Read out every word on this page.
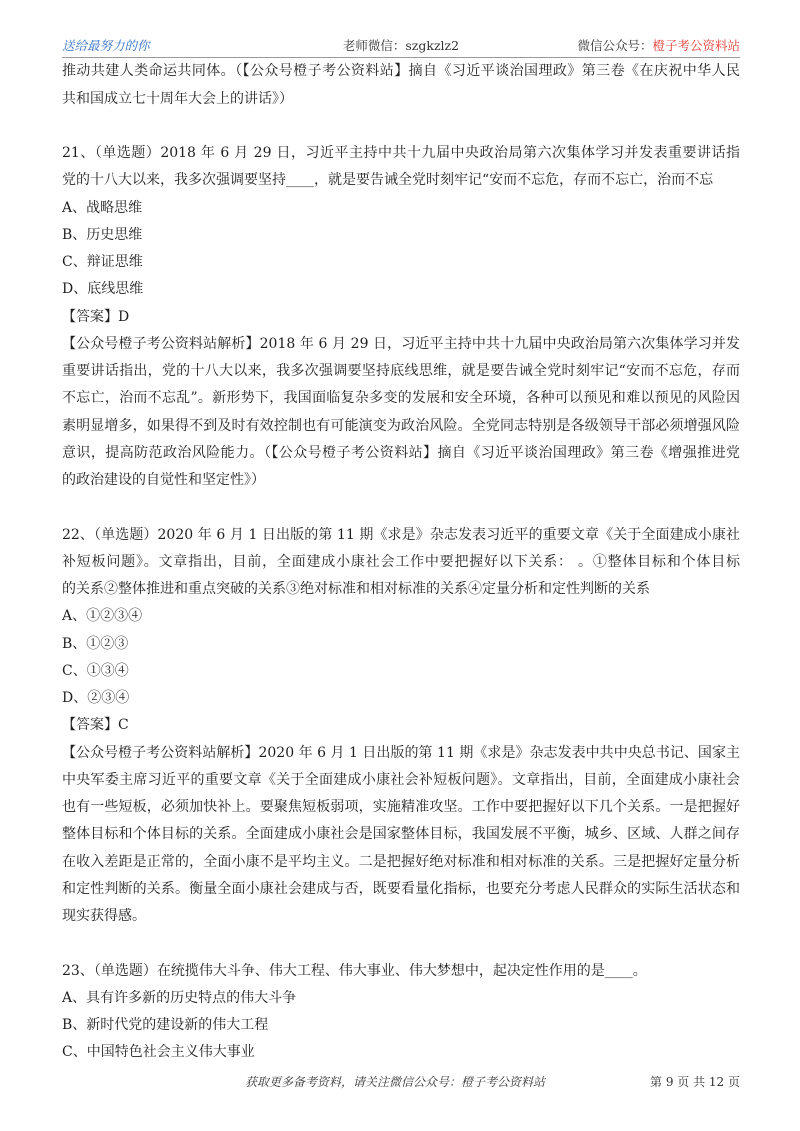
送给最努力的你	老师微信：szgkzlz2	微信公众号：橙子考公资料站
推动共建人类命运共同体。（【公众号橙子考公资料站】摘自《习近平谈治国理政》第三卷《在庆祝中华人民
共和国成立七十周年大会上的讲话》）
21、（单选题）2018 年 6 月 29 日，习近平主持中共十九届中央政治局第六次集体学习并发表重要讲话指
党的十八大以来，我多次强调要坚持____，就是要告诫全党时刻牢记“安而不忘危，存而不忘亡，治而不忘
A、战略思维
B、历史思维
C、辩证思维
D、底线思维
【答案】D
【公众号橙子考公资料站解析】2018 年 6 月 29 日，习近平主持中共十九届中央政治局第六次集体学习并发
重要讲话指出，党的十八大以来，我多次强调要坚持底线思维，就是要告诫全党时刻牢记“安而不忘危，存而
不忘亡，治而不忘乱”。新形势下，我国面临复杂多变的发展和安全环境，各种可以预见和难以预见的风险因
素明显增多，如果得不到及时有效控制也有可能演变为政治风险。全党同志特别是各级领导干部必须增强风险
意识，提高防范政治风险能力。（【公众号橙子考公资料站】摘自《习近平谈治国理政》第三卷《增强推进党
的政治建设的自觉性和坚定性》）
22、（单选题）2020 年 6 月 1 日出版的第 11 期《求是》杂志发表习近平的重要文章《关于全面建成小康社
补短板问题》。文章指出，目前，全面建成小康社会工作中要把握好以下关系： 。①整体目标和个体目标
的关系②整体推进和重点突破的关系③绝对标准和相对标准的关系④定量分析和定性判断的关系
A、①②③④
B、①②③
C、①③④
D、②③④
【答案】C
【公众号橙子考公资料站解析】2020 年 6 月 1 日出版的第 11 期《求是》杂志发表中共中央总书记、国家主
中央军委主席习近平的重要文章《关于全面建成小康社会补短板问题》。文章指出，目前，全面建成小康社会
也有一些短板，必须加快补上。要聚焦短板弱项，实施精准攻坚。工作中要把握好以下几个关系。一是把握好
整体目标和个体目标的关系。全面建成小康社会是国家整体目标，我国发展不平衡，城乡、区域、人群之间存
在收入差距是正常的，全面小康不是平均主义。二是把握好绝对标准和相对标准的关系。三是把握好定量分析
和定性判断的关系。衡量全面小康社会建成与否，既要看量化指标，也要充分考虑人民群众的实际生活状态和
现实获得感。
23、（单选题）在统揽伟大斗争、伟大工程、伟大事业、伟大梦想中，起决定性作用的是____。
A、具有许多新的历史特点的伟大斗争
B、新时代党的建设新的伟大工程
C、中国特色社会主义伟大事业
获取更多备考资料，请关注微信公众号：橙子考公资料站	第 9 页 共 12 页
